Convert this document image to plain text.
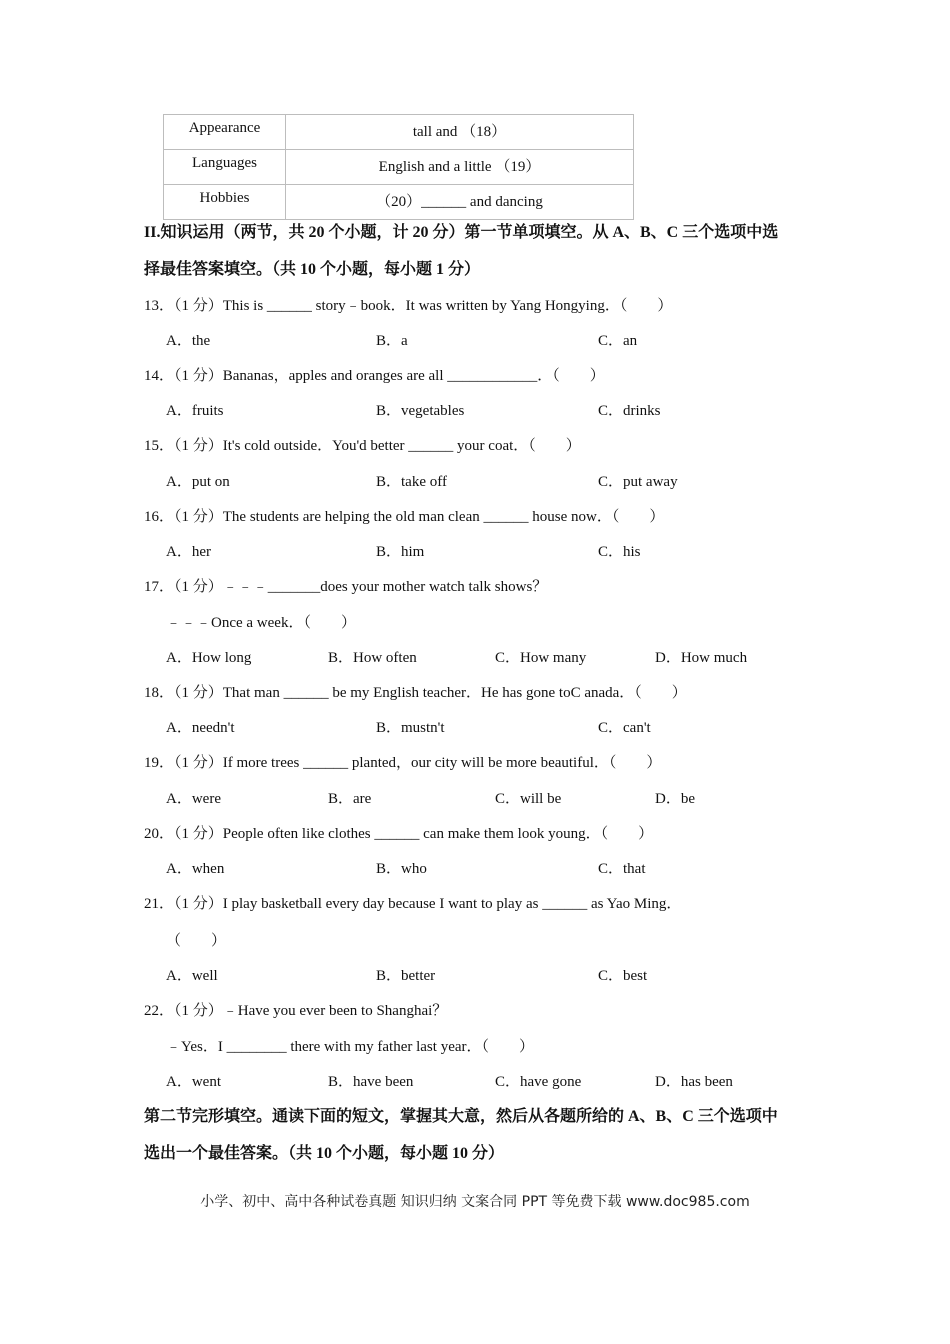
Appearance	tall and （18）

Languages	English and a little （19）

Hobbies	（20）______ and dancing
II.知识运用（两节，共 20 个小题，计 20 分）第一节单项填空。从 A、B、C 三个选项中选
择最佳答案填空。（共 10 个小题，每小题 1 分）
13．（1 分）This is ______ story﹣book．It was written by Yang Hongying．（　　）
A．the	B．a	C．an
14．（1 分）Bananas，apples and oranges are all ____________．（　　）
A．fruits	B．vegetables	C．drinks
15．（1 分）It's cold outside．You'd better ______ your coat．（　　）
A．put on	B．take off	C．put away
16．（1 分）The students are helping the old man clean ______ house now．（　　）
A．her	B．him	C．his
17．（1 分）﹣﹣﹣_______does your mother watch talk shows？
﹣﹣﹣Once a week．（　　）
A．How long	B．How often	C．How many	D．How much
18．（1 分）That man ______ be my English teacher．He has gone toC anada．（　　）
A．needn't	B．mustn't	C．can't
19．（1 分）If more trees ______ planted，our city will be more beautiful．（　　）
A．were	B．are	C．will be	D．be
20．（1 分）People often like clothes ______ can make them look young．（　　）
A．when	B．who	C．that
21．（1 分）I play basketball every day because I want to play as ______ as Yao Ming．
（　　）
A．well	B．better	C．best
22．（1 分）﹣Have you ever been to Shanghai？
﹣Yes．I ________ there with my father last year．（　　）
A．went	B．have been	C．have gone	D．has been
第二节完形填空。通读下面的短文，掌握其大意，然后从各题所给的 A、B、C 三个选项中
选出一个最佳答案。（共 10 个小题，每小题 10 分）
小学、初中、高中各种试卷真题 知识归纳 文案合同 PPT 等免费下载 www.doc985.com
